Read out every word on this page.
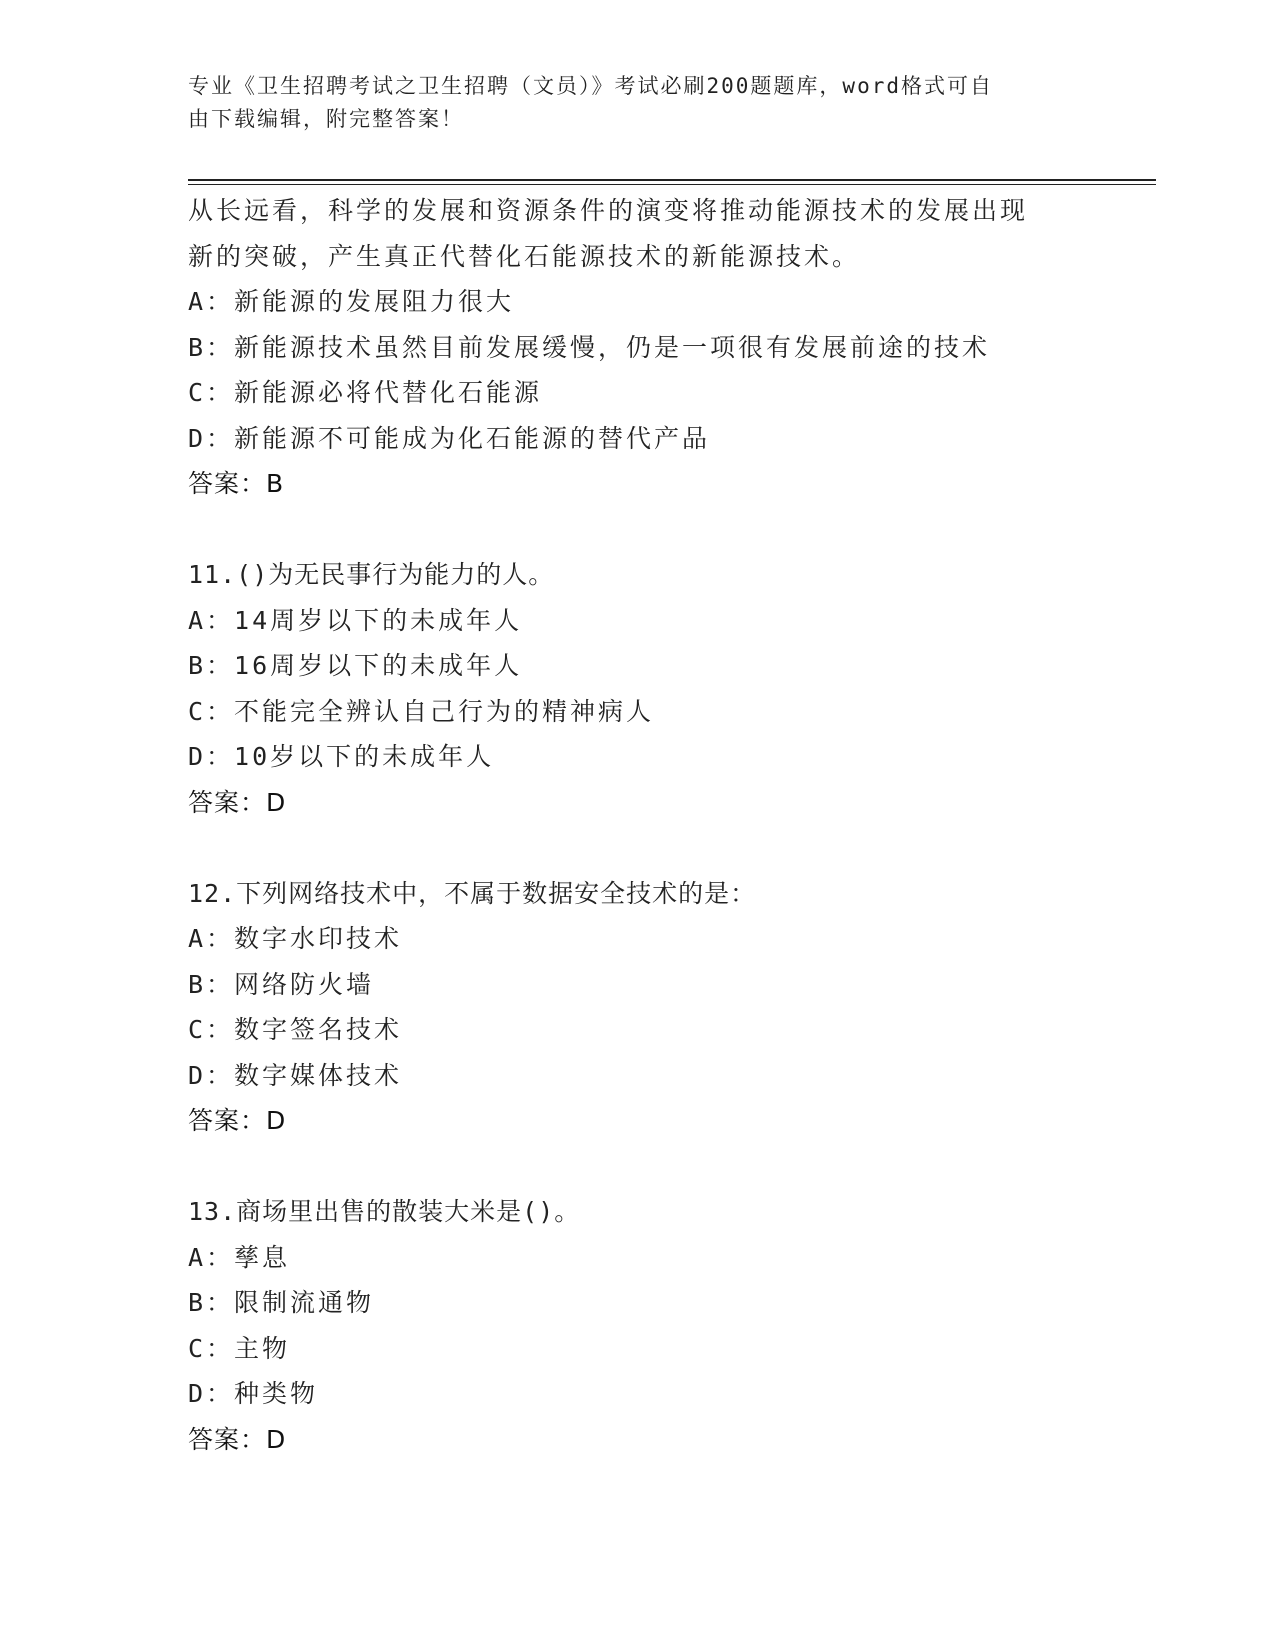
专业《卫生招聘考试之卫生招聘（文员）》考试必刷200题题库，word格式可自
由下载编辑，附完整答案！
从长远看，科学的发展和资源条件的演变将推动能源技术的发展出现
新的突破，产生真正代替化石能源技术的新能源技术。
A：新能源的发展阻力很大
B：新能源技术虽然目前发展缓慢，仍是一项很有发展前途的技术
C：新能源必将代替化石能源
D：新能源不可能成为化石能源的替代产品
答案：B
11.()为无民事行为能力的人。
A：14周岁以下的未成年人
B：16周岁以下的未成年人
C：不能完全辨认自己行为的精神病人
D：10岁以下的未成年人
答案：D
12.下列网络技术中，不属于数据安全技术的是：
A：数字水印技术
B：网络防火墙
C：数字签名技术
D：数字媒体技术
答案：D
13.商场里出售的散装大米是()。
A：孳息
B：限制流通物
C：主物
D：种类物
答案：D
